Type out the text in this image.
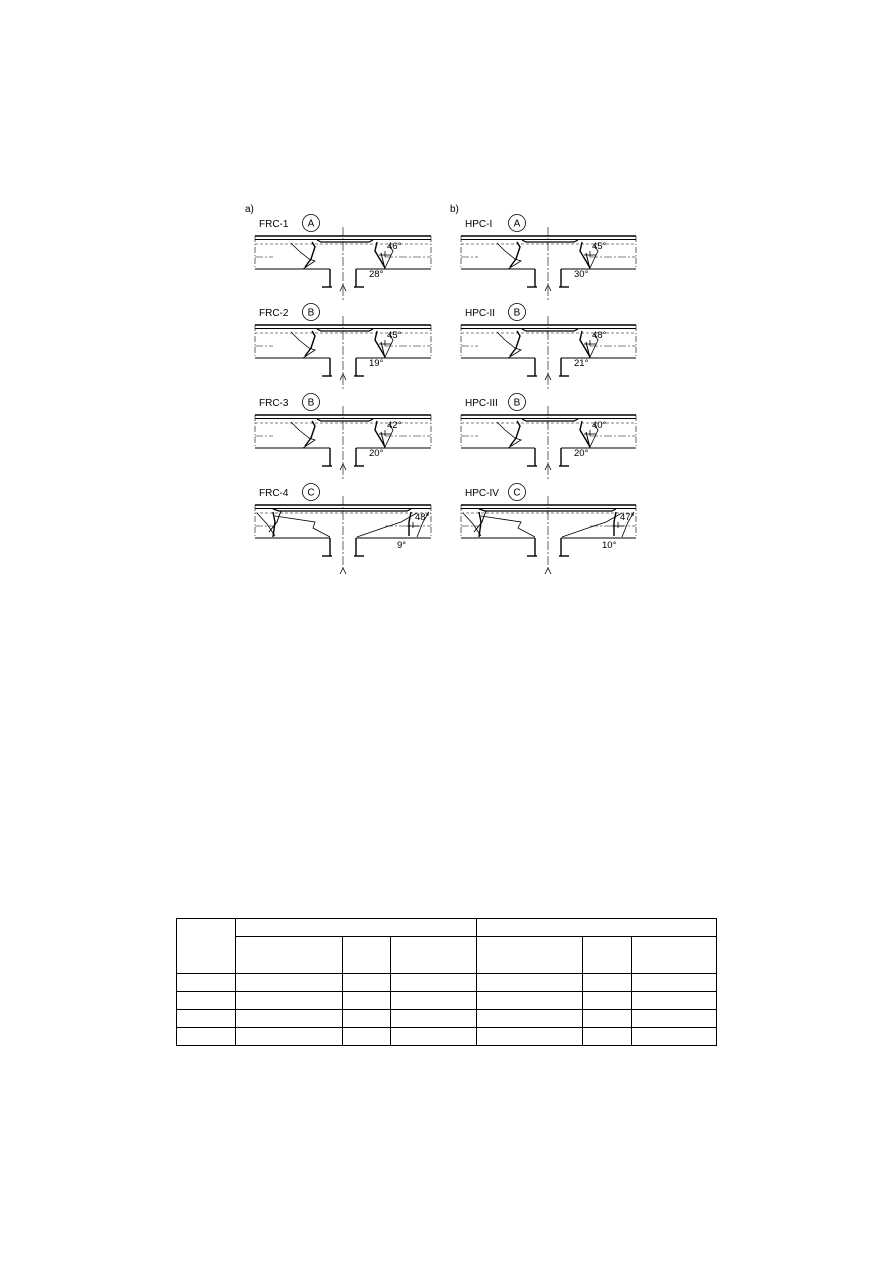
a)
46°
28°
FRC-1 A
45°
19°
FRC-2 B
42°
20°
FRC-3 B
48°
9°
FRC-4 C
b)
45°
30°
HPC-I A
48°
21°
HPC-II B
40°
20°
HPC-III B
47°
10°
HPC-IV C
